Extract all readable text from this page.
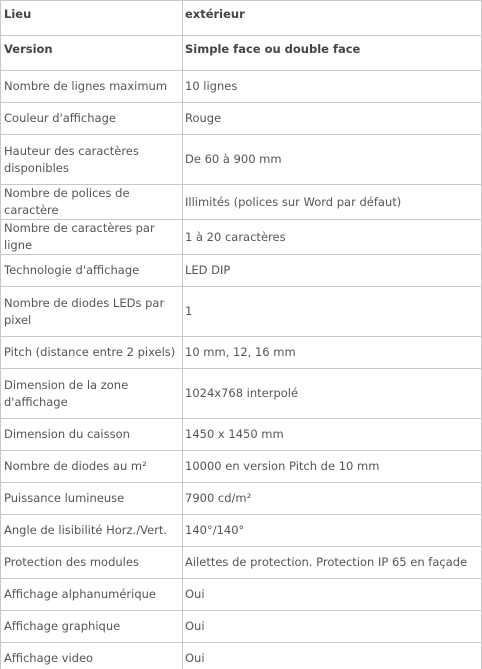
Lieu	extérieur
Version	Simple face ou double face
Nombre de lignes maximum	10 lignes
Couleur d'affichage	Rouge
Hauteur des caractères disponibles	De 60 à 900 mm
Nombre de polices de caractère	Illimités (polices sur Word par défaut)
Nombre de caractères par ligne	1 à 20 caractères
Technologie d'affichage	LED DIP
Nombre de diodes LEDs par pixel	1
Pitch (distance entre 2 pixels)	10 mm, 12, 16 mm
Dimension de la zone d'affichage	1024x768 interpolé
Dimension du caisson	1450 x 1450 mm
Nombre de diodes au m²	10000 en version Pitch de 10 mm
Puissance lumineuse	7900 cd/m²
Angle de lisibilité Horz./Vert.	140°/140°
Protection des modules	Ailettes de protection. Protection IP 65 en façade
Affichage alphanumérique	Oui
Affichage graphique	Oui
Affichage video	Oui
